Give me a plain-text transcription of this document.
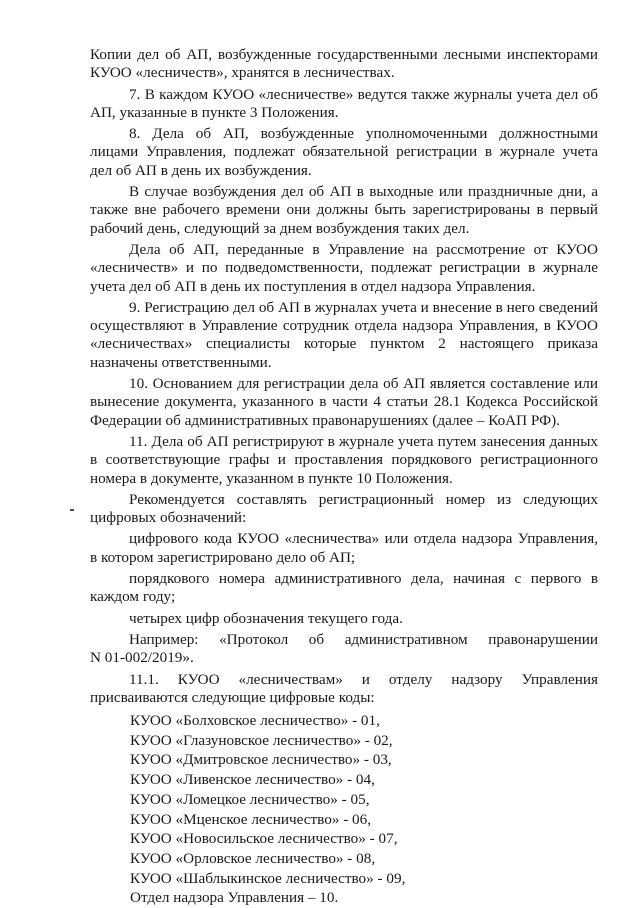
Копии дел об АП, возбужденные государственными лесными инспекторами
КУОО «лесничеств», хранятся в лесничествах.
7. В каждом КУОО «лесничестве» ведутся также журналы учета дел об
АП, указанные в пункте 3 Положения.
8. Дела об АП, возбужденные уполномоченными должностными
лицами Управления, подлежат обязательной регистрации в журнале учета
дел об АП в день их возбуждения.
В случае возбуждения дел об АП в выходные или праздничные дни, а
также вне рабочего времени они должны быть зарегистрированы в первый
рабочий день, следующий за днем возбуждения таких дел.
Дела об АП, переданные в Управление на рассмотрение от КУОО
«лесничеств» и по подведомственности, подлежат регистрации в журнале
учета дел об АП в день их поступления в отдел надзора Управления.
9. Регистрацию дел об АП в журналах учета и внесение в него сведений
осуществляют в Управление сотрудник отдела надзора Управления, в КУОО
«лесничествах» специалисты которые пунктом 2 настоящего приказа
назначены ответственными.
10. Основанием для регистрации дела об АП является составление или
вынесение документа, указанного в части 4 статьи 28.1 Кодекса Российской
Федерации об административных правонарушениях (далее – КоАП РФ).
11. Дела об АП регистрируют в журнале учета путем занесения данных
в соответствующие графы и проставления порядкового регистрационного
номера в документе, указанном в пункте 10 Положения.
Рекомендуется составлять регистрационный номер из следующих
цифровых обозначений:
цифрового кода КУОО «лесничества» или отдела надзора Управления,
в котором зарегистрировано дело об АП;
порядкового номера административного дела, начиная с первого в
каждом году;
четырех цифр обозначения текущего года.
Например: «Протокол об административном правонарушении
N 01-002/2019».
11.1. КУОО «лесничествам» и отделу надзору Управления
присваиваются следующие цифровые коды:
КУОО «Болховское лесничество» - 01,
КУОО «Глазуновское лесничество» - 02,
КУОО «Дмитровское лесничество» - 03,
КУОО «Ливенское лесничество» - 04,
КУОО «Ломецкое лесничество» - 05,
КУОО «Мценское лесничество» - 06,
КУОО «Новосильское лесничество» - 07,
КУОО «Орловское лесничество» - 08,
КУОО «Шаблыкинское лесничество» - 09,
Отдел надзора Управления – 10.
